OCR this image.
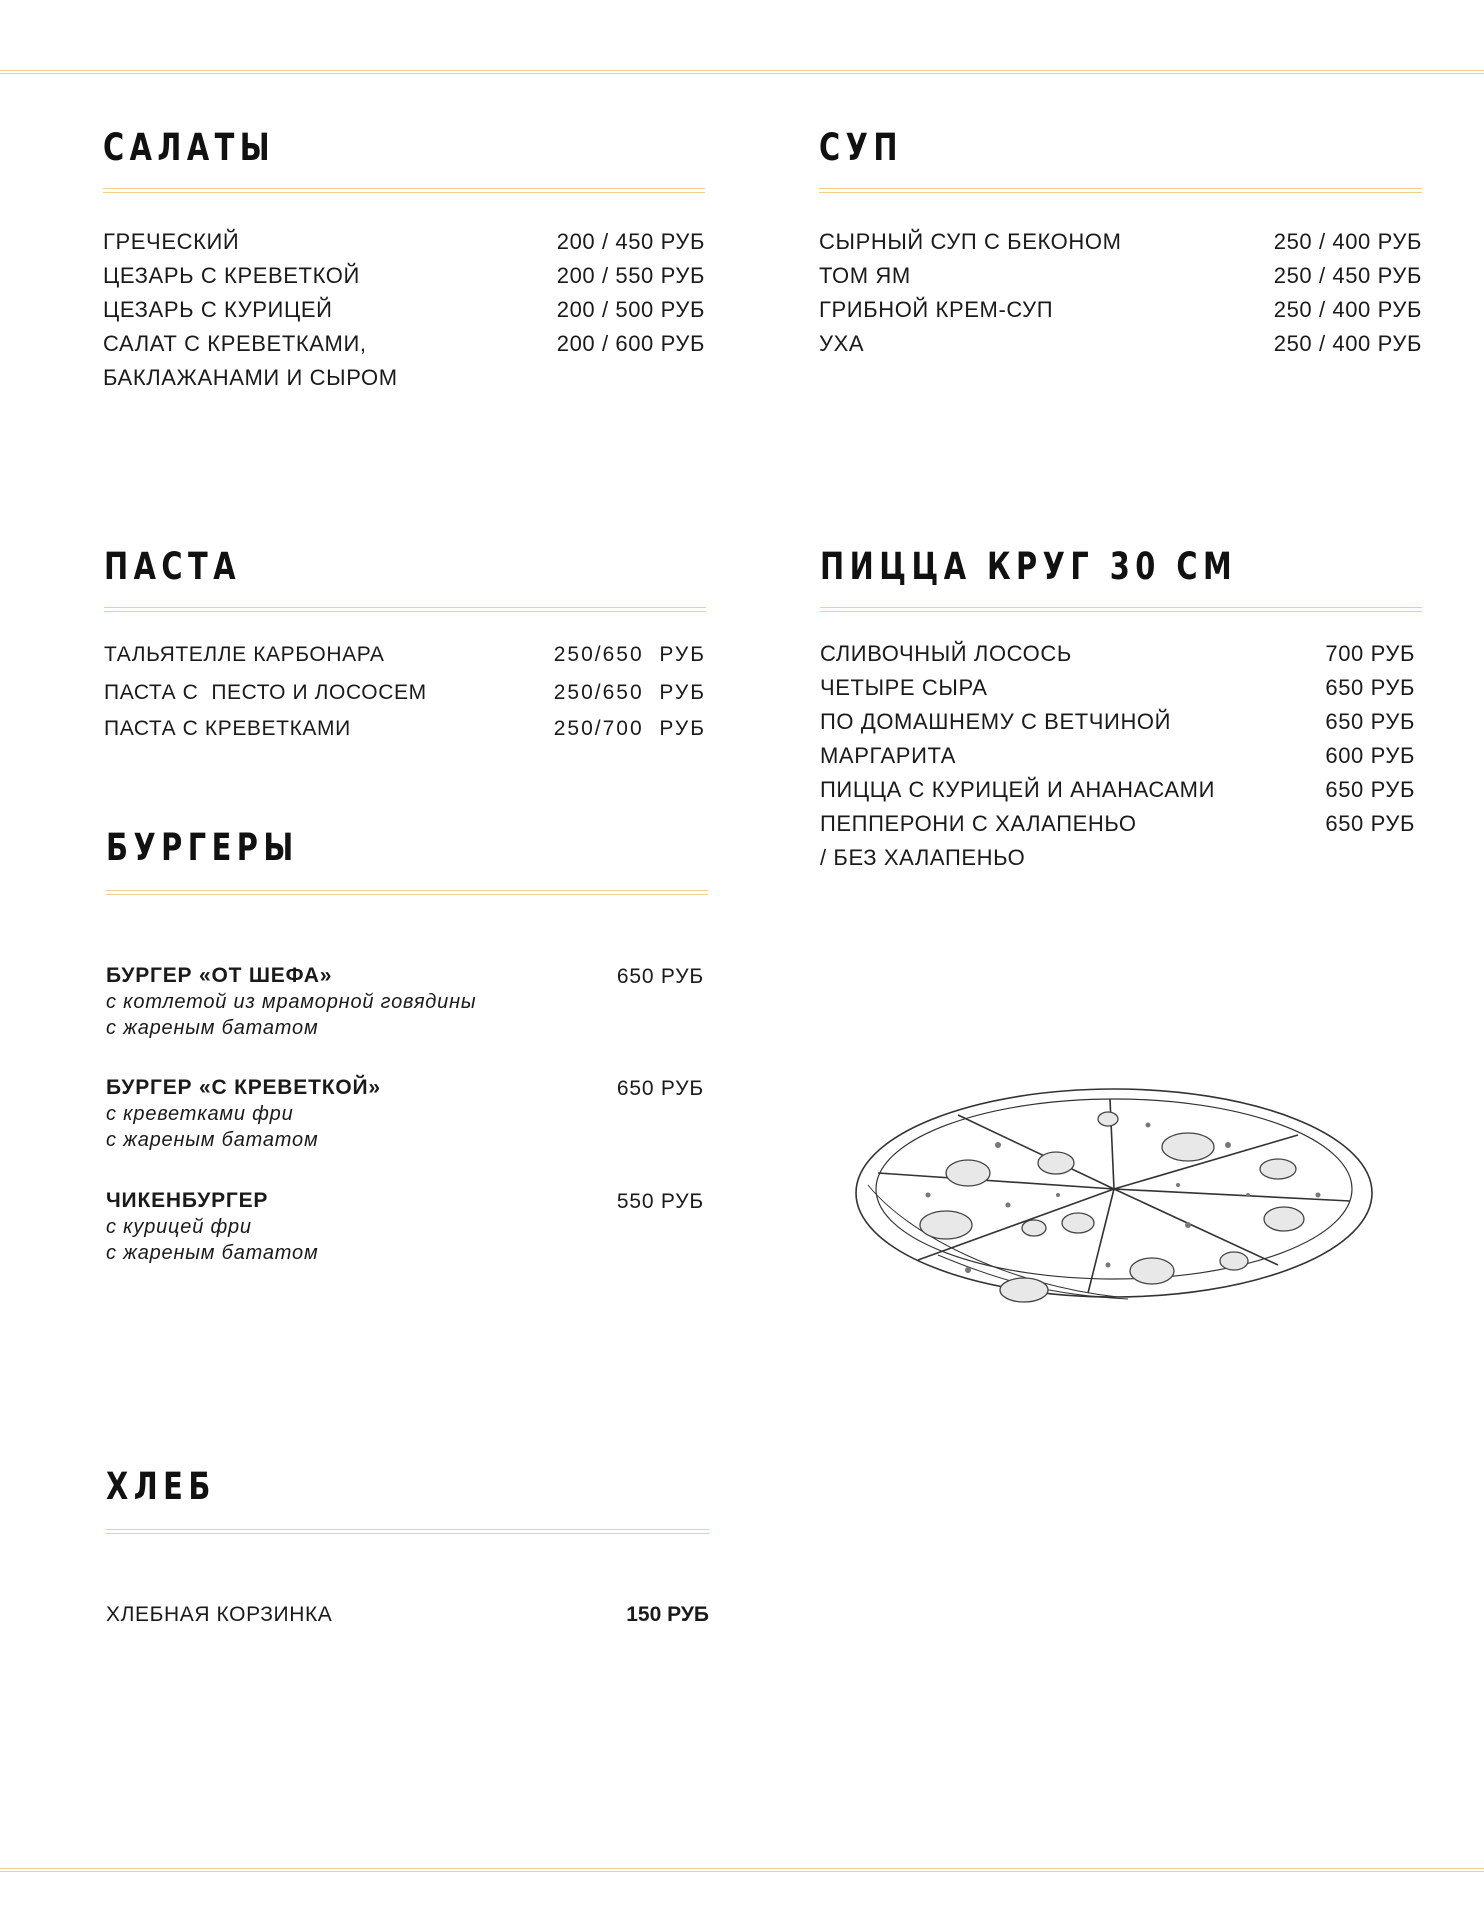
САЛАТЫ
ГРЕЧЕСКИЙ	200 / 450 РУБ
ЦЕЗАРЬ С КРЕВЕТКОЙ	200 / 550 РУБ
ЦЕЗАРЬ С КУРИЦЕЙ	200 / 500 РУБ
САЛАТ С КРЕВЕТКАМИ,	200 / 600 РУБ
БАКЛАЖАНАМИ И СЫРОМ
СУП
СЫРНЫЙ СУП С БЕКОНОМ	250 / 400 РУБ
ТОМ ЯМ	250 / 450 РУБ
ГРИБНОЙ КРЕМ-СУП	250 / 400 РУБ
УХА	250 / 400 РУБ
ПАСТА
ТАЛЬЯТЕЛЛЕ КАРБОНАРА	250/650  РУБ
ПАСТА С  ПЕСТО И ЛОСОСЕМ	250/650  РУБ
ПАСТА С КРЕВЕТКАМИ	250/700  РУБ
ПИЦЦА КРУГ 30 СМ
СЛИВОЧНЫЙ ЛОСОСЬ	700 РУБ
ЧЕТЫРЕ СЫРА	650 РУБ
ПО ДОМАШНЕМУ С ВЕТЧИНОЙ	650 РУБ
МАРГАРИТА	600 РУБ
ПИЦЦА С КУРИЦЕЙ И АНАНАСАМИ	650 РУБ
ПЕППЕРОНИ С ХАЛАПЕНЬО	650 РУБ
/ БЕЗ ХАЛАПЕНЬО
БУРГЕРЫ
БУРГЕР «ОТ ШЕФА»	650 РУБ
с котлетой из мраморной говядины
с жареным бататом
БУРГЕР «С КРЕВЕТКОЙ»	650 РУБ
с креветками фри
с жареным бататом
ЧИКЕНБУРГЕР	550 РУБ
с курицей фри
с жареным бататом
ХЛЕБ
ХЛЕБНАЯ КОРЗИНКА	150 РУБ
